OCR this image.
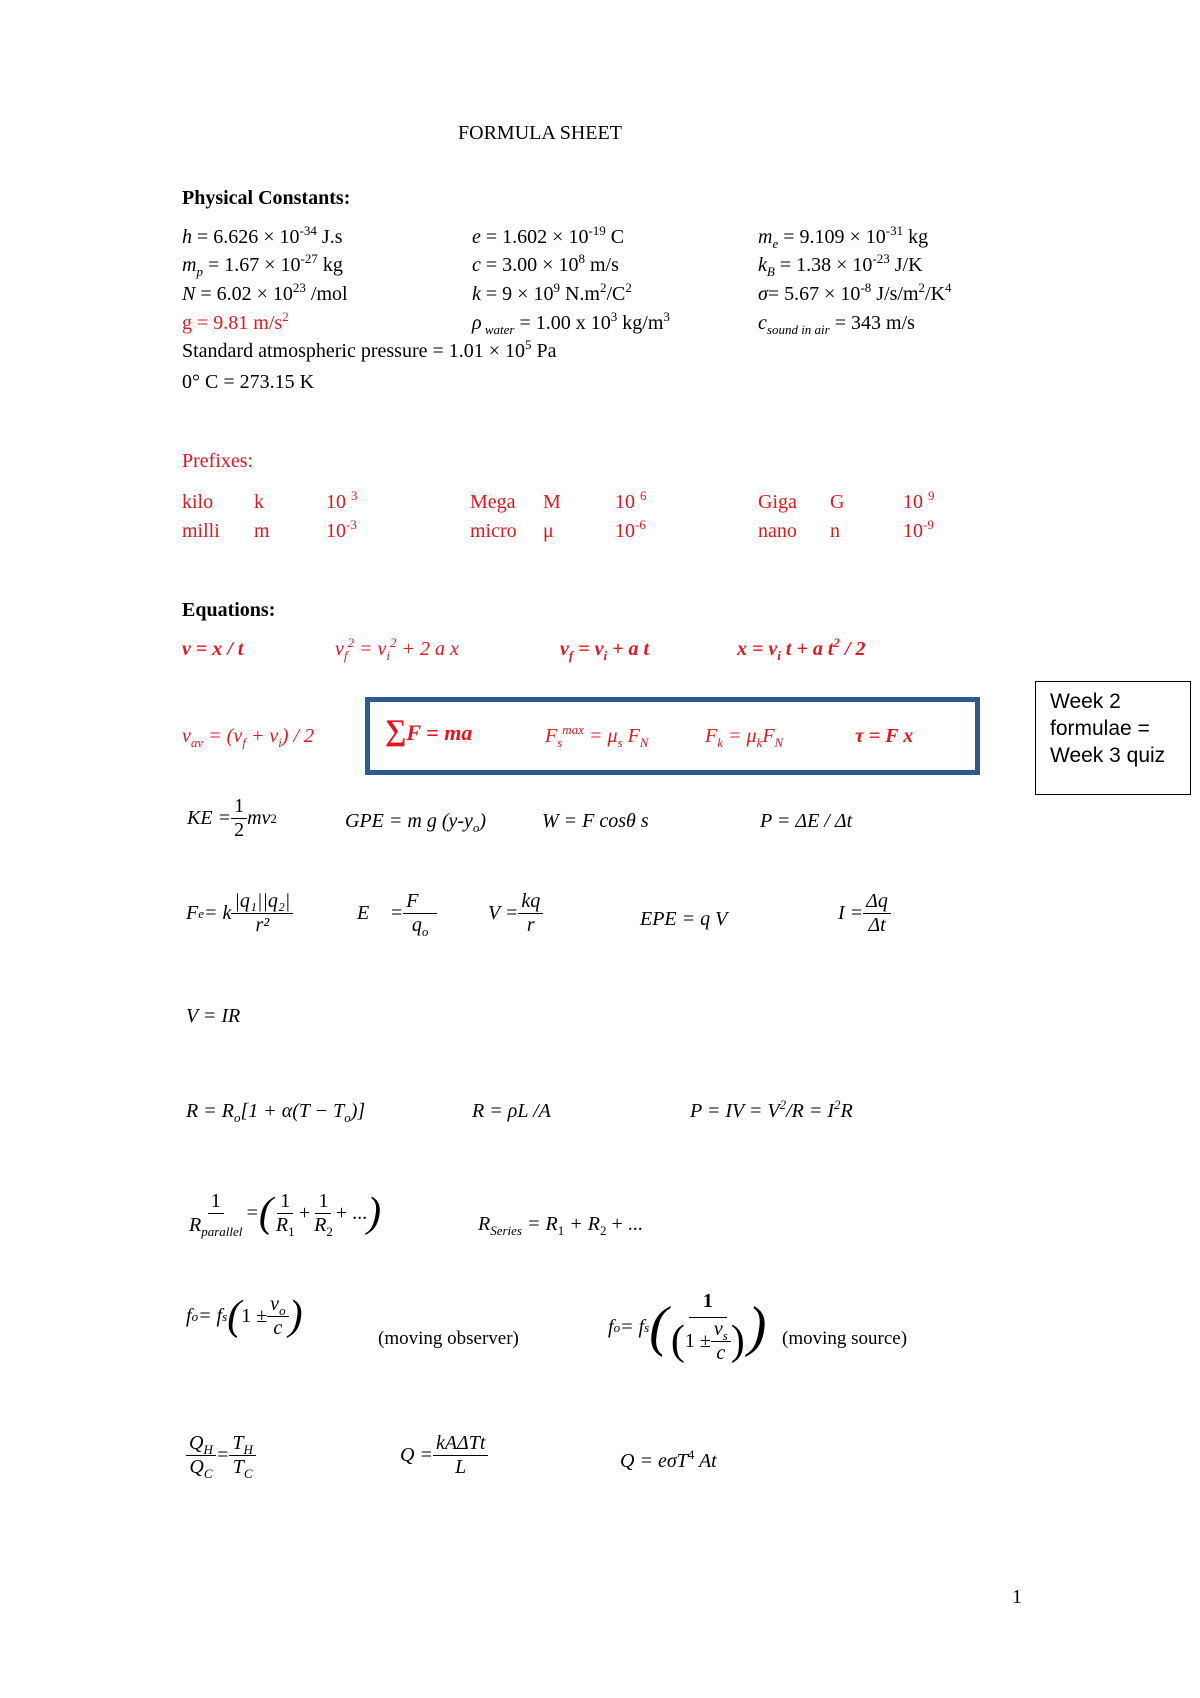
FORMULA SHEET
Physical Constants:
$h = 6.626 \times 10^{-34}$ J.s	$e = 1.602 \times 10^{-19}$ C	$m_e = 9.109 \times 10^{-31}$ kg
$m_p = 1.67 \times 10^{-27}$ kg	$c = 3.00 \times 10^8$ m/s	$k_B = 1.38 \times 10^{-23}$ J/K
$N = 6.02 \times 10^{23}$ /mol	$k = 9 \times 10^9$ $N.m^2/C^2$	$\sigma= 5.67 \times 10^{-8}$ $J/s/m^2/K^4$
g = 9.81 $m/s^2$	ρ $_{water}$ = 1.00 x $10^3$ $kg/m^3$	$c_{sound in air} = 343$ m/s
Standard atmospheric pressure = $1.01 \times 10^5$ Pa
0° C = 273.15 K
Prefixes:
kilo k	10 $^3$	Mega M	10 $^6$	Giga G	10 $^9$
milli m	$10^{-3}$	micro μ	$10^{-6}$	nano n	$10^{-9}$
Equations:
v = x / t	$v_f^2 = v_i^2 + 2$ a x	$v_f = v_i + a$ t	$x = v_i$ t + a $t^2 / 2$
$v_{av} = (v_f + v_i) / 2$ ∑F = ma	$F_s^{max} = \mu_s$ $F_N$	$F_k = \mu_kF_N$	τ = F x
Week 2 formulae = Week 3 quiz
KE = $\frac{1}{2}$ mv 2	GPE = m g $(y-y_o)$	W = F cosθ s	P = ΔE / Δt
F e = k $\frac{\text{|q₁||q₂|}}{\text{r²}}$	E⃗ = $\frac{F⃗}{q_o}$	$V = \frac{kq}{r}$	EPE = q V	$I = \frac{\Delta q}{\Delta t}$
V = IR
$R = R_o[1 + \alpha(T - T_o)]$	R = ρL /A	P = IV = $V^2/R = I^2R$
$\frac{1}{R_{parallel}}$ = ( $\frac{1}{R_1} + \frac{1}{R_2}$ + ... )	$R_{Series} = R_1 + R_2$ + ...
f o = f s ( $1 \pm \frac{v_o}{c}$ )	(moving observer)
f o = f s ( $\frac{1}{( 1 \pm \frac{v_s}{c} )}$ ) (moving source)
$\frac{Q_H}{Q_C} = \frac{T_H}{T_C}$	$Q = \frac{\text{kAΔTt}}{L}$	Q = eσT$^4$ At
1
